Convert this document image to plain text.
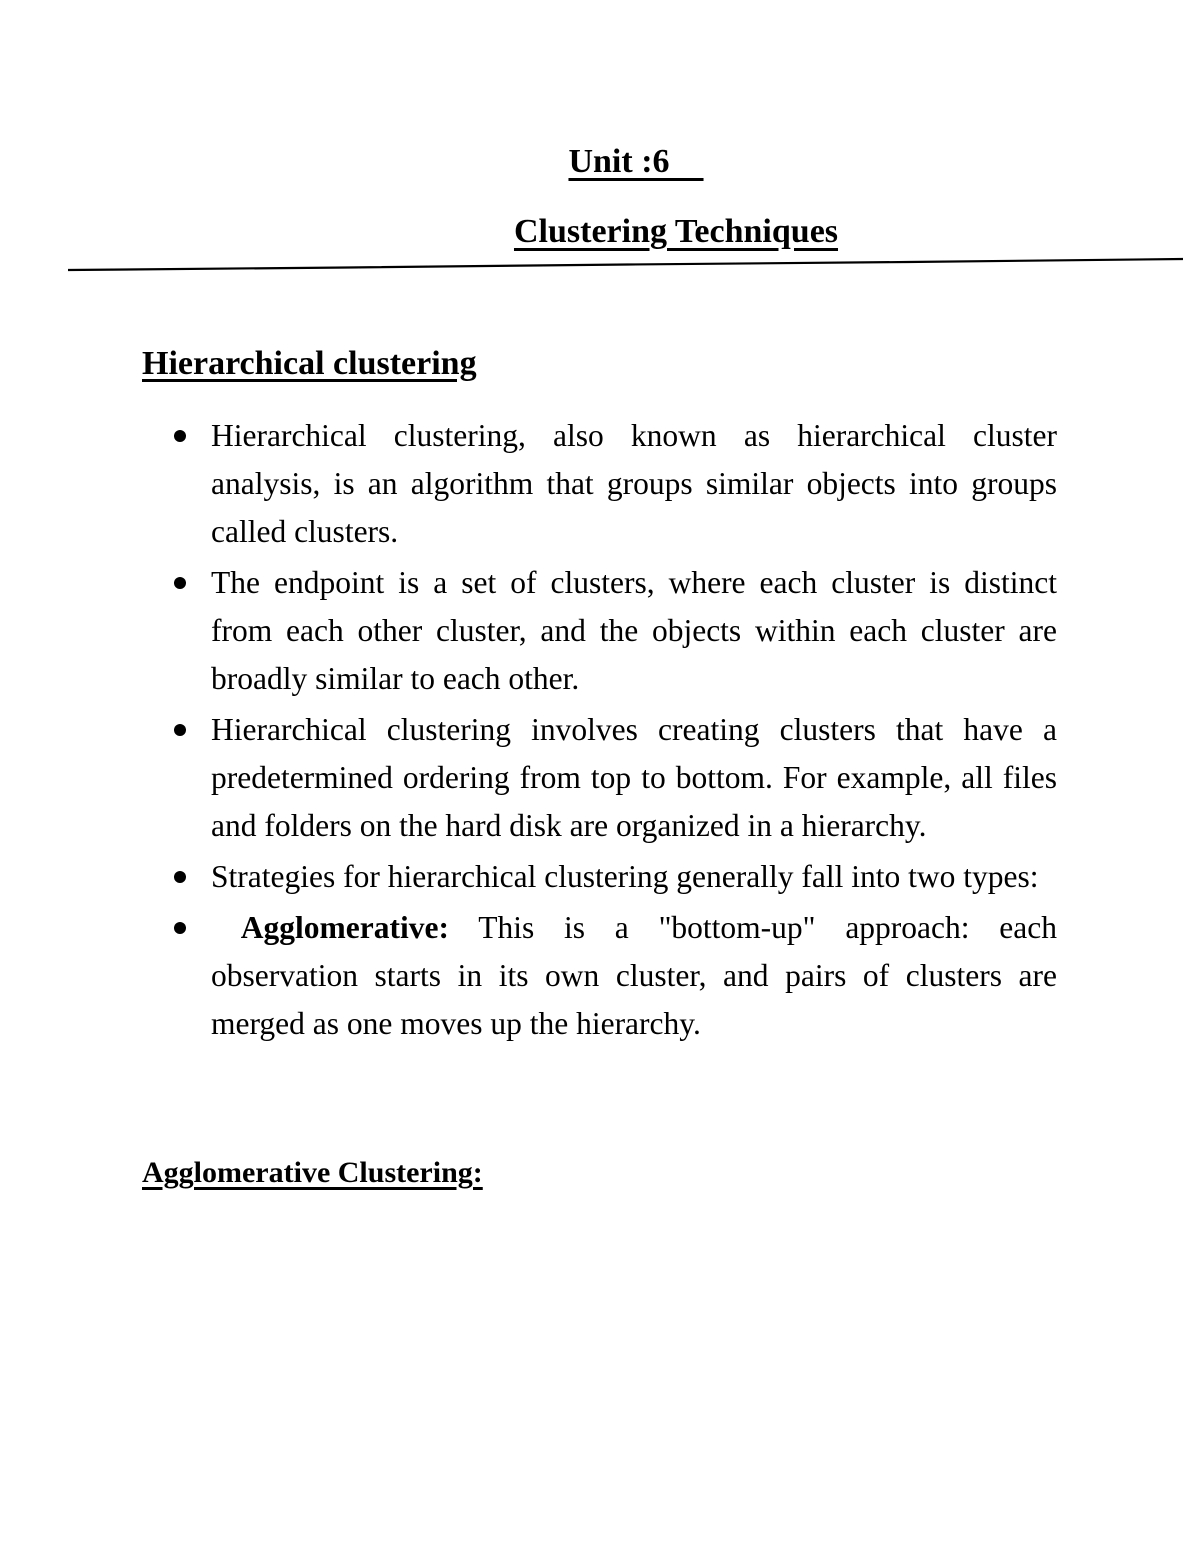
Unit :6
Clustering Techniques
Hierarchical clustering
Hierarchical clustering, also known as hierarchical cluster analysis, is an algorithm that groups similar objects into groups called clusters.
The endpoint is a set of clusters, where each cluster is distinct from each other cluster, and the objects within each cluster are broadly similar to each other.
Hierarchical clustering involves creating clusters that have a predetermined ordering from top to bottom. For example, all files and folders on the hard disk are organized in a hierarchy.
Strategies for hierarchical clustering generally fall into two types:
Agglomerative: This is a "bottom-up" approach: each observation starts in its own cluster, and pairs of clusters are merged as one moves up the hierarchy.
Agglomerative Clustering:
